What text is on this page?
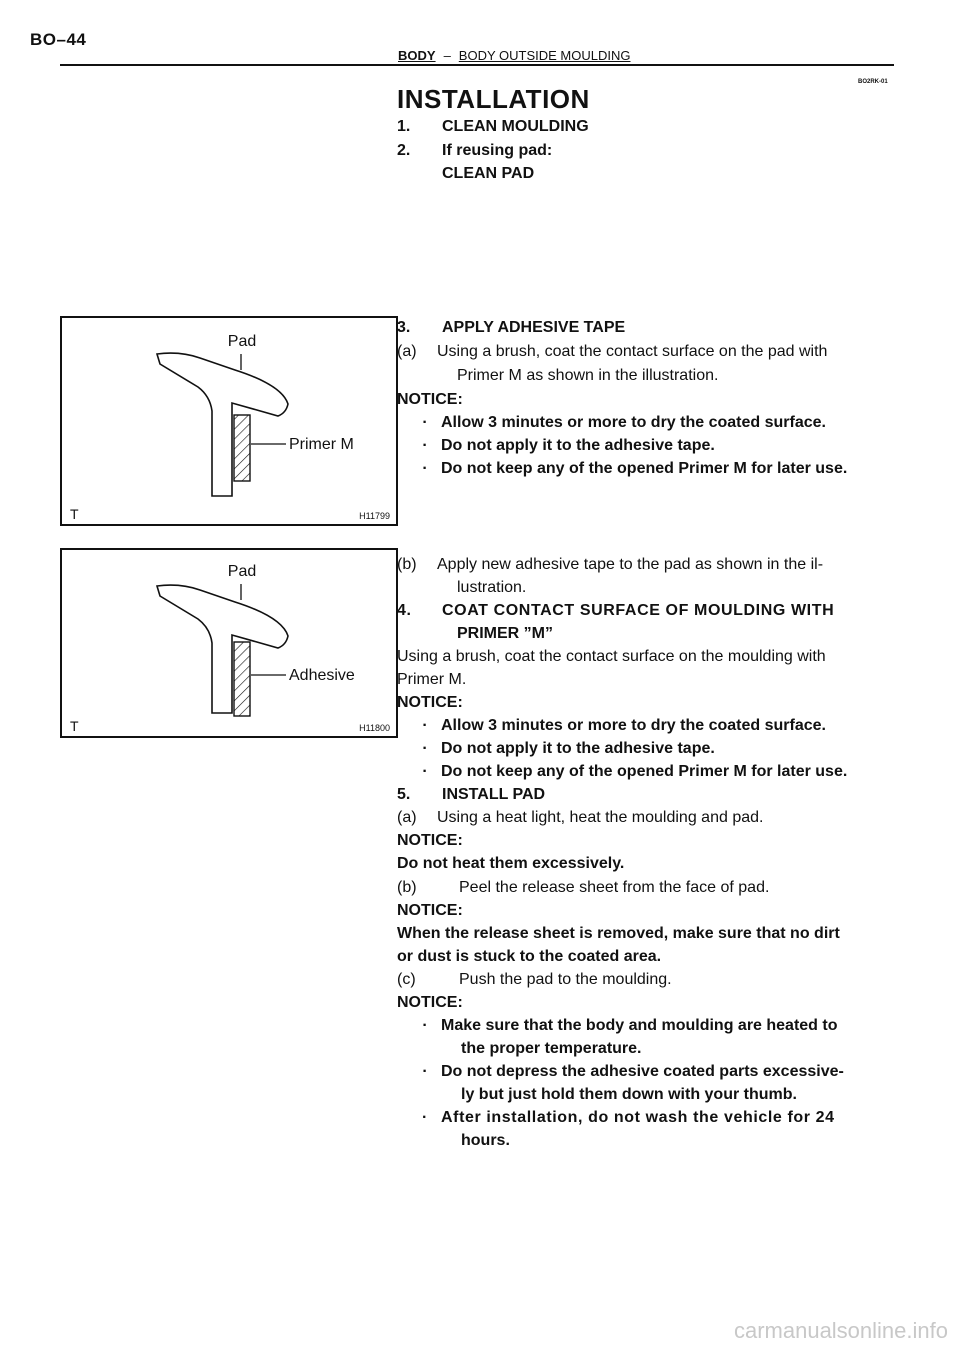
BO–44
BODY – BODY OUTSIDE MOULDING
BO2RK-01
INSTALLATION
1. CLEAN MOULDING
2. If reusing pad:
CLEAN PAD
Pad
Primer M
T	H11799
Pad
Adhesive
T	H11800
3. APPLY ADHESIVE TAPE
(a) Using a brush, coat the contact surface on the pad with
Primer M as shown in the illustration.
NOTICE:
· Allow 3 minutes or more to dry the coated surface.
· Do not apply it to the adhesive tape.
· Do not keep any of the opened Primer M for later use.
(b) Apply new adhesive tape to the pad as shown in the il-
lustration.
4. COAT CONTACT SURFACE OF MOULDING WITH
PRIMER ”M”
Using a brush, coat the contact surface on the moulding with
Primer M.
NOTICE:
· Allow 3 minutes or more to dry the coated surface.
· Do not apply it to the adhesive tape.
· Do not keep any of the opened Primer M for later use.
5. INSTALL PAD
(a) Using a heat light, heat the moulding and pad.
NOTICE:
Do not heat them excessively.
(b)	Peel the release sheet from the face of pad.
NOTICE:
When the release sheet is removed, make sure that no dirt
or dust is stuck to the coated area.
(c)	Push the pad to the moulding.
NOTICE:
· Make sure that the body and moulding are heated to
the proper temperature.
· Do not depress the adhesive coated parts excessive-
ly but just hold them down with your thumb.
· After installation, do not wash the vehicle for 24
hours.
carmanualsonline.info
